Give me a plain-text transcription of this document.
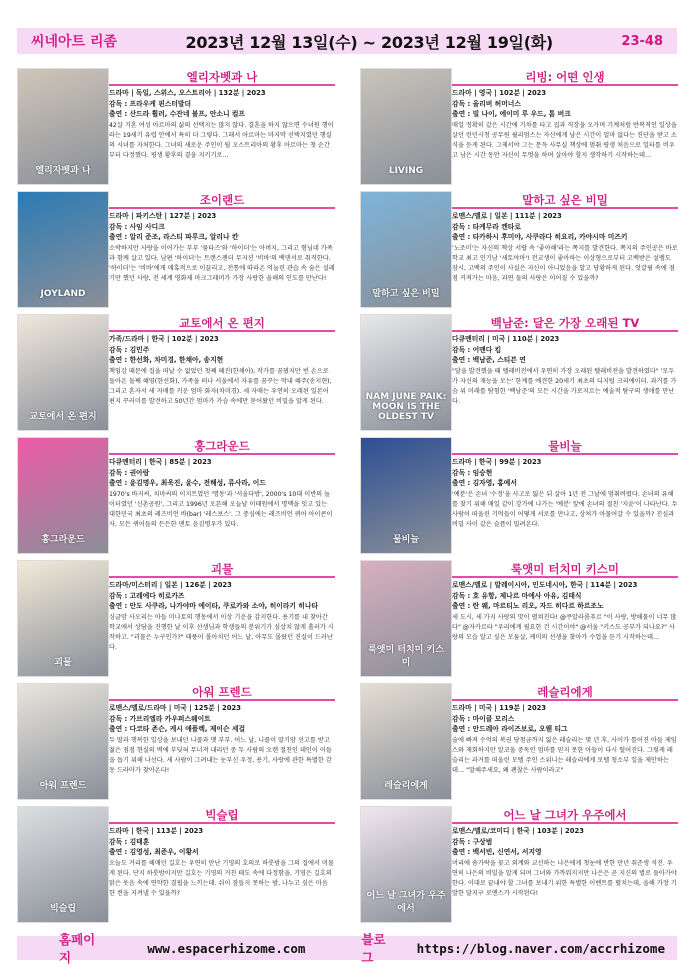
씨네아트 리좀	2023년 12월 13일(수) ~ 2023년 12월 19일(화)	23-48
엘리자벳과 나
엘리자벳과 나
드라마 | 독일, 스위스, 오스트리아 | 132분 | 2023
감독 : 프라우케 핀스터발더
출연 : 산드라 휠러, 수잔네 볼프, 안소니 컬프
42살 기혼 여성 아르마의 삶의 선택지는 많지 않다. 결혼을 하지 않으면 수녀원 행이라는 19세기 유럽 안에서 특히 더 그렇다. 그래서 아르마는 마지막 선택지였던 행실의 시녀를 자처한다. 그녀의 새로운 주인이 될 오스트리아의 황후 아르마는 첫 순간부터 다정했다. 평생 황후의 곁을 지키기로…
JOYLAND
조이랜드
드라마 | 파키스탄 | 127분 | 2023
감독 : 사임 사디크
출연 : 알리 준조, 라스티 파루크, 알리나 칸
소박하지만 사랑을 이어가는 부부 '뭄타즈'와 '하이더'는 아버지, 그리고 형님네 가족과 함께 살고 있다. 남편 '하이더'는 트랜스젠더 무지션 '비바'의 백댄서로 취직한다. '하이더'는 '비바'에게 매혹적으로 이끌리고, 전통에 따라온 억눌린 관습 속 숨은 설레기만 했던 사랑, 전 세계 영화제 마크그래머가 가장 사랑한 올해의 인도를 만난다!
교토에서 온 편지
교토에서 온 편지
가족/드라마 | 한국 | 102분 | 2023
감독 : 김민주
출연 : 한선화, 차미경, 한채아, 송지현
책임감 때문에 집을 떠날 수 없었던 첫째 혜진(한채아), 작가를 꿈꿨지만 빈 손으로 돌아온 둘째 혜영(한선화), 가족을 떠나 서울에서 자유를 꿈꾸는 막내 혜주(송지현), 그리고 혼자서 세 자매를 키운 엄마 화자(차미경). 세 자매는 우연히 오래된 일본어 편지 꾸러미를 발견하고 50년간 엄마가 가슴 속에만 묻어왔던 비밀을 알게 된다.
홍그라운드
홍그라운드
다큐멘터리 | 한국 | 85분 | 2023
감독 : 권아람
출연 : 윤김명우, 최욱진, 윤수, 전해성, 류사라, 이드
1970's 바지씨, 치마씨의 이지트였던 '명동'과 '서울다방', 2000's 10대 이반의 놀이터였던 '신촌공원', 그리고 1996년 오픈해 오늘날 이태원에서 명맥을 잇고 있는 대한민국 최초의 레즈비언 바(bar) '레스보스'. 그 중심에는 레즈비언 퀴어 아이콘이자, 모든 퀴어들의 든든한 맨토 윤김명우가 있다.
괴물
괴물
드라마/미스터리 | 일본 | 126분 | 2023
감독 : 고레에다 히로카즈
출연 : 안도 사쿠라, 나가야마 에이타, 쿠로카와 소야, 히이라기 히나타
싱글맘 사오리는 아들 미나토의 행동에서 이상 기운을 감지한다. 용기를 내 찾아간 학교에서 상담을 진행한 날 이후 선생님과 학생들의 분위기가 심상치 않게 흘러가 시작하고. "괴물은 누구인가?" 태풍이 몰아치던 어느 날, 아무도 몰랐던 진실이 드러난다.
아워 프렌드
아워 프렌드
로맨스/멜로/드라마 | 미국 | 125분 | 2023
감독 : 가브리엘라 카우퍼스웨이트
출연 : 다코타 존슨, 케시 애플렉, 제이슨 세걸
두 딸과 행복한 일상을 보내던 니콜과 맷 부부. 어느 날, 니콜이 말기암 선고를 받고 젊은 점점 현실의 벽에 부딪혀 무너져 내리던 중 두 사람의 오랜 절친인 데인이 이들을 돕기 위해 나선다. 세 사람이 그려내는 눈부신 우정, 용기, 사랑에 관한 특별한 감동 드라마가 찾아온다!
빅슬립
빅슬립
드라마 | 한국 | 113분 | 2023
감독 : 김태훈
출연 : 김영성, 최준우, 이황서
오늘도 거리를 헤매던 길호는 우연히 만난 기영의 호의로 하룻밤을 그의 집에서 머물게 된다. 단지 하룻밤이지만 길호는 기영의 거친 태도 속에 다정함을, 기영은 길호의 맑은 웃음 속에 연약한 결핍을 느끼는데. 쉬이 잠들지 못하는 밤, 나누고 싶은 마음 한 켠을 지켜낼 수 있을까?
LIVING
리빙: 어떤 인생
드라마 | 영국 | 102분 | 2023
감독 : 올리버 허머너스
출연 : 빌 나이, 에이미 루 우드, 톰 버크
매일 정확히 같은 시간에 기차를 타고 집과 직장을 오가며 기계처럼 반복적인 일상을 살던 런던시청 공무원 윌리엄스는 자신에게 남은 시간이 얼마 없다는 진단을 받고 소식을 듣게 된다. 그제서야 그는 문득 사무실 책상에 멈춰 평생 처음으로 일터를 비우고 남은 시간 동안 자신이 무엇을 하며 살아야 할지 생각하기 시작하는데…
말하고 싶은 비밀
말하고 싶은 비밀
로맨스/멜로 | 일본 | 111분 | 2023
감독 : 타케무라 켄타로
출연 : 타카하시 후미야, 사쿠라다 히요리, 카야시마 미즈키
'노조미'는 자신의 책상 서랍 속 '좋아해'라는 쪽지를 발견한다. 쪽지의 주인공은 바로 학교 최고 인기남 '세토야마'! 전교생이 좋아하는 이상형으로부터 고백받은 설렘도 잠시, 고백의 주인이 사실은 자신이 아니었음을 알고 당황하게 된다. 엇갈림 속에 점점 커져가는 마음, 과연 둘의 사랑은 이어질 수 있을까?
NAM JUNE PAIK: MOON IS THE OLDEST TV
백남준: 달은 가장 오래된 TV
다큐멘터리 | 미국 | 110분 | 2023
감독 : 어맨다 킴
출연 : 백남준, 스티븐 연
"달을 발견했을 때 텔레비전에서 우연히 가장 오래된 텔레비전을 발견하였다" '모두가 자신의 재능을 모는' 한계를 예견한 20세기 최초의 디지털 크리에이터. 과거를 가슴 위 미래를 탐험한 '백남준'의 모든 시간을 가로지르는 예술적 탐구의 생애를 만난다.
물비늘
물비늘
드라마 | 한국 | 99분 | 2023
감독 : 임승현
출연 : 김자영, 홍예서
'예분'은 손녀 '수정'을 사고로 잃은 뒤 살아 1년 전 그날에 멈춰버렸다. 손녀의 유해를 찾기 위해 매일 같이 강가에 나가는 '예분' 앞에 손녀의 절친 '지윤'이 나타난다. 두 사람이 떠올린 기억들이 어떻게 서로를 만나고, 상처가 아물어갈 수 있을까? 진심과 비밀 사이 같은 슬픔이 밀려온다.
룩앳미 터치미 키스미
룩앳미 터치미 키스미
로맨스/멜로 | 말레이시아, 인도네시아, 한국 | 114분 | 2023
감독 : 호 유항, 제나르 마에사 아유, 김태식
출연 : 란 웨, 마르티노 리오, 자드 히다르 하르조노
세 도시, 세 가지 사랑의 맛이 펼쳐진다! @쿠알라룸푸르 "이 사랑, 방해물이 너무 많다" @자카르타 "우리에게 필요한 건 시간이야" @서울 "키스도 공부가 되나요?" 사랑의 모습 알고 싶은 모둠살, 케미의 선생을 찾아가 수업을 듣기 시작하는데…
레슬리에게
레슬리에게
드라마 | 미국 | 119분 | 2023
감독 : 마이클 모리스
출연 : 안드레아 라이즈보로, 오웬 티그
술에 빠져 수억의 복권 당첨금까지 잃은 레슬리는 몇 년 후, 사이가 틀어진 아들 제임스와 재회하지만 알코올 중독인 엄마를 믿지 못한 아들이 다시 떨어진다. 그렇게 레슬리는 과거를 떠올린 모텔 주인 스위니는 레슬리에게 모텔 청소부 일을 제안하는데… "말해주세요, 왜 괜찮은 사람이라고"
어느 날 그녀가 우주에서
어느 날 그녀가 우주에서
로맨스/멜로/코미디 | 한국 | 103분 | 2023
감독 : 구상범
출연 : 백서빈, 신연서, 서지영
머리에 솜가락을 꽂고 외계와 교신하는 나은에게 첫눈에 반한 만년 취준생 석진. 우연히 나은의 비밀을 알게 되며 그녀와 가까워지지만 나은은 곧 지신의 별로 돌아가야 한다. 이대로 끝내야 할 그녀를 보내기 위한 특별한 이벤트를 펼치는데, 올해 가장 기발한 달지구 로맨스가 시작된다!
홈페이지
www.espacerhizome.com
블로그
https://blog.naver.com/accrhizome
